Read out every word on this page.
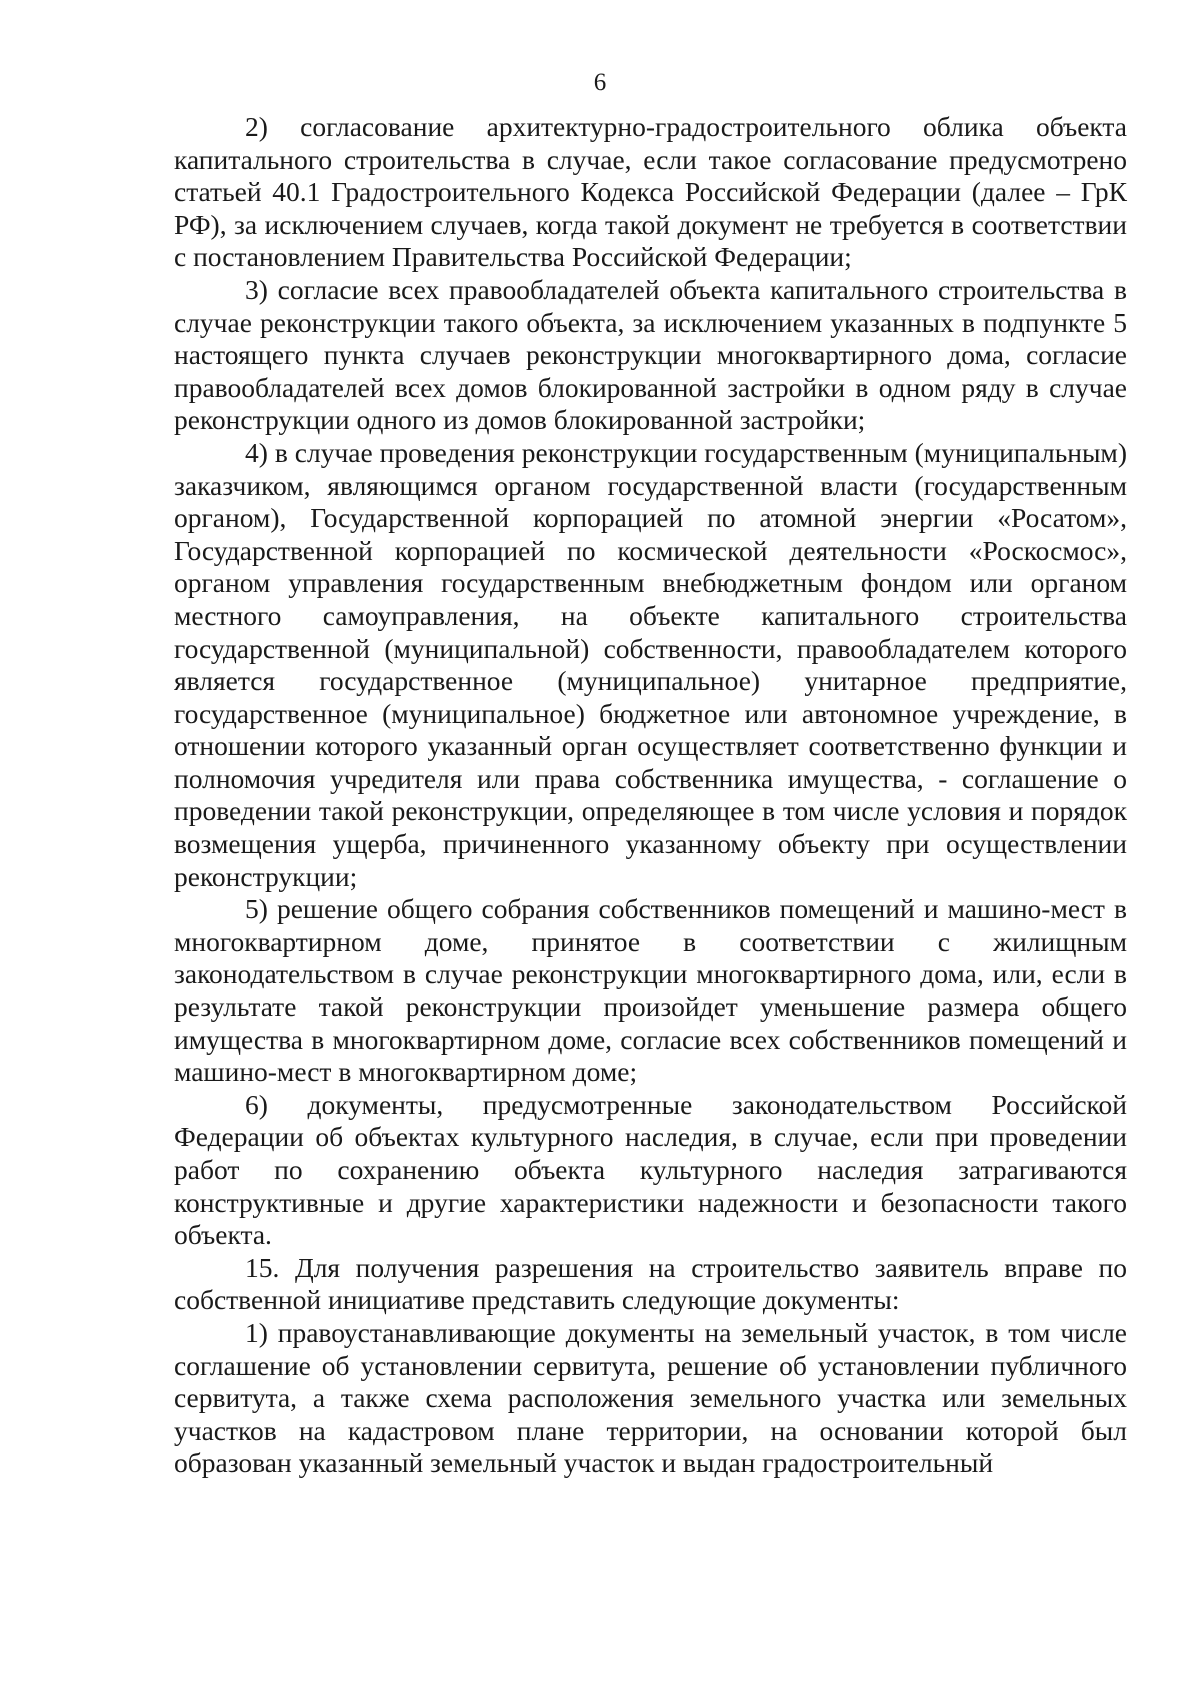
6

2) согласование архитектурно-градостроительного облика объекта капитального строительства в случае, если такое согласование предусмотрено статьей 40.1 Градостроительного Кодекса Российской Федерации (далее – ГрК РФ), за исключением случаев, когда такой документ не требуется в соответствии с постановлением Правительства Российской Федерации;

3) согласие всех правообладателей объекта капитального строительства в случае реконструкции такого объекта, за исключением указанных в подпункте 5 настоящего пункта случаев реконструкции многоквартирного дома, согласие правообладателей всех домов блокированной застройки в одном ряду в случае реконструкции одного из домов блокированной застройки;

4) в случае проведения реконструкции государственным (муниципальным) заказчиком, являющимся органом государственной власти (государственным органом), Государственной корпорацией по атомной энергии «Росатом», Государственной корпорацией по космической деятельности «Роскосмос», органом управления государственным внебюджетным фондом или органом местного самоуправления, на объекте капитального строительства государственной (муниципальной) собственности, правообладателем которого является государственное (муниципальное) унитарное предприятие, государственное (муниципальное) бюджетное или автономное учреждение, в отношении которого указанный орган осуществляет соответственно функции и полномочия учредителя или права собственника имущества, - соглашение о проведении такой реконструкции, определяющее в том числе условия и порядок возмещения ущерба, причиненного указанному объекту при осуществлении реконструкции;

5) решение общего собрания собственников помещений и машино-мест в многоквартирном доме, принятое в соответствии с жилищным законодательством в случае реконструкции многоквартирного дома, или, если в результате такой реконструкции произойдет уменьшение размера общего имущества в многоквартирном доме, согласие всех собственников помещений и машино-мест в многоквартирном доме;

6) документы, предусмотренные законодательством Российской Федерации об объектах культурного наследия, в случае, если при проведении работ по сохранению объекта культурного наследия затрагиваются конструктивные и другие характеристики надежности и безопасности такого объекта.

15. Для получения разрешения на строительство заявитель вправе по собственной инициативе представить следующие документы:

1) правоустанавливающие документы на земельный участок, в том числе соглашение об установлении сервитута, решение об установлении публичного сервитута, а также схема расположения земельного участка или земельных участков на кадастровом плане территории, на основании которой был образован указанный земельный участок и выдан градостроительный
